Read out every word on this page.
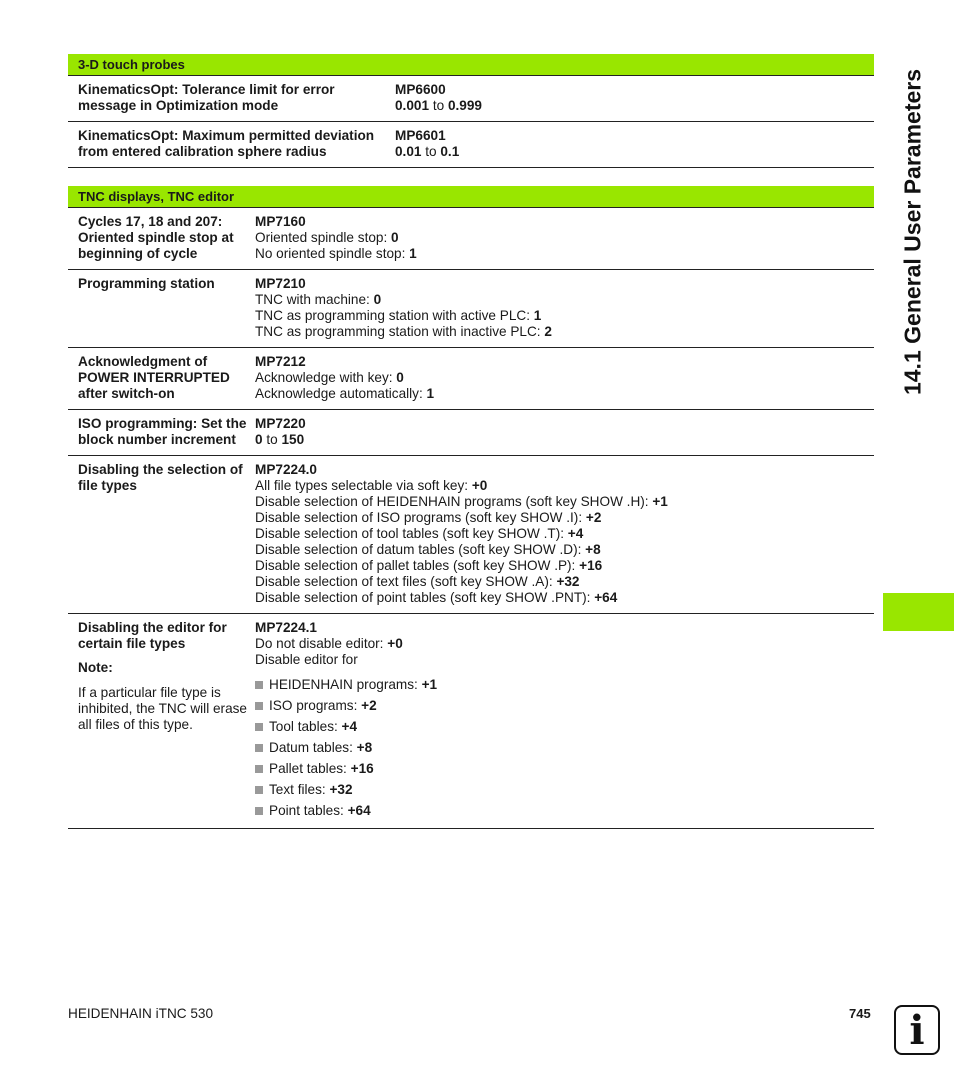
3-D touch probes
KinematicsOpt: Tolerance limit for error message in Optimization mode
MP6600
0.001 to 0.999
KinematicsOpt: Maximum permitted deviation from entered calibration sphere radius
MP6601
0.01 to 0.1
TNC displays, TNC editor
Cycles 17, 18 and 207: Oriented spindle stop at beginning of cycle
MP7160
Oriented spindle stop: 0
No oriented spindle stop: 1
Programming station	MP7210
TNC with machine: 0
TNC as programming station with active PLC: 1
TNC as programming station with inactive PLC: 2
Acknowledgment of POWER INTERRUPTED after switch-on
MP7212
Acknowledge with key: 0
Acknowledge automatically: 1
ISO programming: Set the block number increment
MP7220
0 to 150
Disabling the selection of file types
MP7224.0
All file types selectable via soft key: +0
Disable selection of HEIDENHAIN programs (soft key SHOW .H): +1
Disable selection of ISO programs (soft key SHOW .I): +2
Disable selection of tool tables (soft key SHOW .T): +4
Disable selection of datum tables (soft key SHOW .D): +8
Disable selection of pallet tables (soft key SHOW .P): +16
Disable selection of text files (soft key SHOW .A): +32
Disable selection of point tables (soft key SHOW .PNT): +64
Disabling the editor for certain file types
Note:
If a particular file type is inhibited, the TNC will erase all files of this type.
MP7224.1
Do not disable editor: +0
Disable editor for
HEIDENHAIN programs:
+1
ISO programs:
+2
Tool tables:
+4
Datum tables:
+8
Pallet tables:
+16
Text files:
+32
Point tables:
+64
14.1 General User Parameters
HEIDENHAIN iTNC 530	745 i
